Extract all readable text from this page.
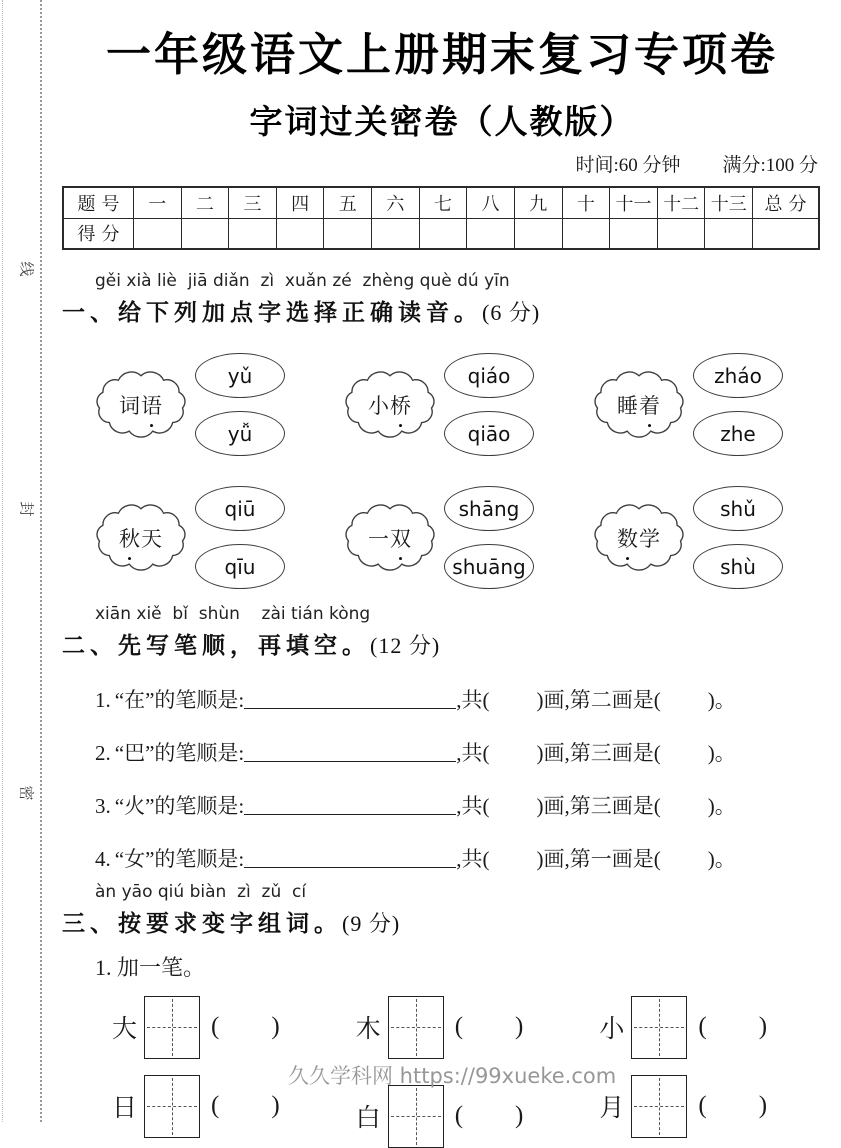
线
封
密
一年级语文上册期末复习专项卷
字词过关密卷（人教版）
时间:60 分钟 满分:100 分
题号	一	二	三	四	五	六	七	八	九	十	十一	十二	十三	总分
得分														
gěi xià liè  jiā diǎn  zì  xuǎn zé  zhèng què dú yīn
一、给下列加点字选择正确读音。(6 分)
词 语 •
yǔ
yǚ
小 桥 •
qiáo
qiāo
睡 着 •
zháo
zhe
秋 • 天
qiū
qīu
一 双 •
shāng
shuāng
数 • 学
shǔ
shù
xiān xiě  bǐ  shùn    zài tián kòng
二、先写笔顺，再填空。(12 分)
1. “在”的笔顺是:	,共( )画,第二画是( )。
2. “巴”的笔顺是:	,共( )画,第三画是( )。
3. “火”的笔顺是:	,共( )画,第三画是( )。
4. “女”的笔顺是:	,共( )画,第一画是( )。
àn yāo qiú biàn  zì  zǔ  cí
三、按要求变字组词。(9 分)
1. 加一笔。
大	( )	木	( )	小	( )
日	( )	白	( )	月	( )
久久学科网 https://99xueke.com
